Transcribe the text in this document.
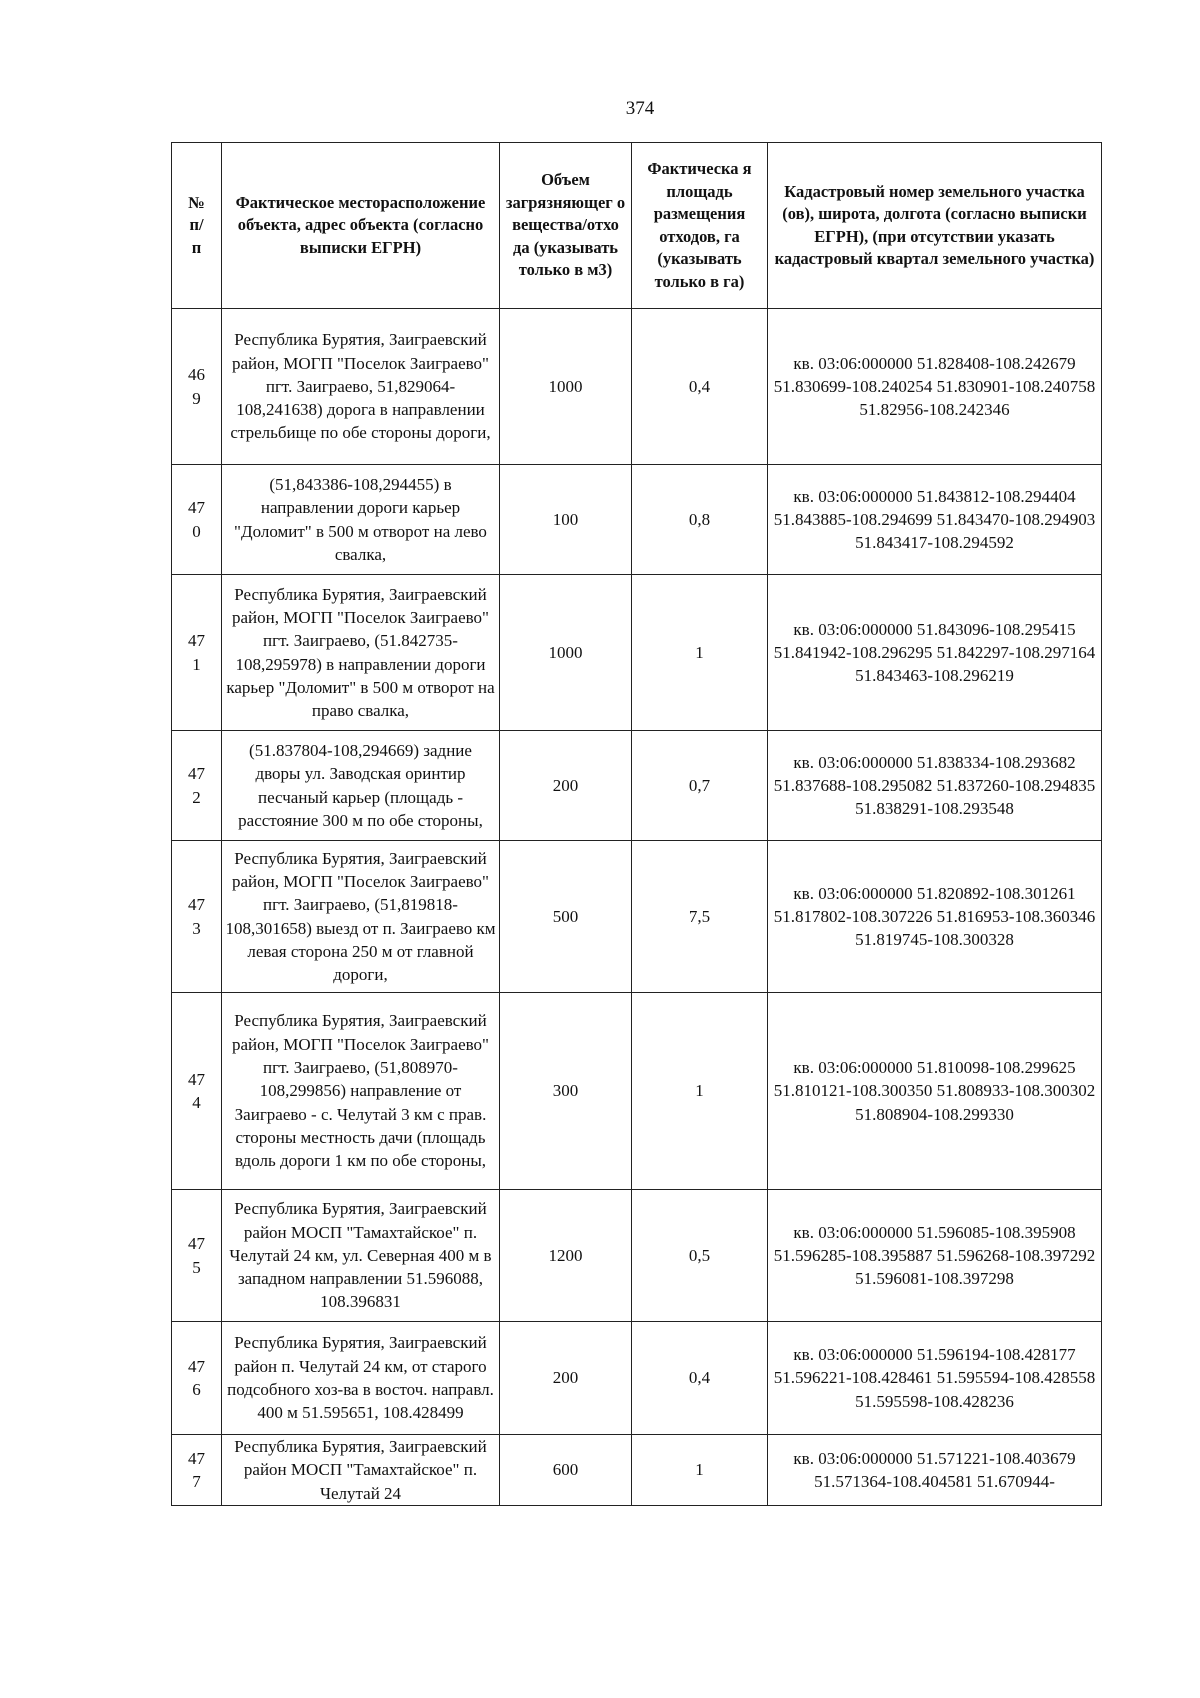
374
№
п/
п	Фактическое месторасположение объекта, адрес объекта (согласно выписки ЕГРН)	Объем загрязняющег о вещества/отхо да (указывать только в м3)	Фактическа я площадь размещения отходов, га (указывать только в га)	Кадастровый номер земельного участка (ов), широта, долгота (согласно выписки ЕГРН), (при отсутствии указать кадастровый квартал земельного участка)

46
9	Республика Бурятия, Заиграевский район, МОГП "Поселок Заиграево" пгт. Заиграево, 51,829064-108,241638) дорога в направлении стрельбище по обе стороны дороги,	1000	0,4	кв. 03:06:000000 51.828408-108.242679 51.830699-108.240254 51.830901-108.240758 51.82956-108.242346

47
0	(51,843386-108,294455) в направлении дороги карьер "Доломит" в 500 м отворот на лево свалка,	100	0,8	кв. 03:06:000000 51.843812-108.294404 51.843885-108.294699 51.843470-108.294903 51.843417-108.294592

47
1	Республика Бурятия, Заиграевский район, МОГП "Поселок Заиграево" пгт. Заиграево, (51.842735-108,295978) в направлении дороги карьер "Доломит" в 500 м отворот на право свалка,	1000	1	кв. 03:06:000000 51.843096-108.295415 51.841942-108.296295 51.842297-108.297164 51.843463-108.296219

47
2	(51.837804-108,294669) задние дворы ул. Заводская оринтир песчаный карьер (площадь - расстояние 300 м по обе стороны,	200	0,7	кв. 03:06:000000 51.838334-108.293682 51.837688-108.295082 51.837260-108.294835 51.838291-108.293548

47
3	Республика Бурятия, Заиграевский район, МОГП "Поселок Заиграево" пгт. Заиграево, (51,819818-108,301658) выезд от п. Заиграево км левая сторона 250 м от главной дороги,	500	7,5	кв. 03:06:000000 51.820892-108.301261 51.817802-108.307226 51.816953-108.360346 51.819745-108.300328

47
4	Республика Бурятия, Заиграевский район, МОГП "Поселок Заиграево" пгт. Заиграево, (51,808970-108,299856) направление от Заиграево - с. Челутай 3 км с прав. стороны местность дачи (площадь вдоль дороги 1 км по обе стороны,	300	1	кв. 03:06:000000 51.810098-108.299625 51.810121-108.300350 51.808933-108.300302 51.808904-108.299330

47
5	Республика Бурятия, Заиграевский район МОСП "Тамахтайское" п. Челутай 24 км, ул. Северная 400 м в западном направлении 51.596088, 108.396831	1200	0,5	кв. 03:06:000000 51.596085-108.395908 51.596285-108.395887 51.596268-108.397292 51.596081-108.397298

47
6	Республика Бурятия, Заиграевский район п. Челутай 24 км, от старого подсобного хоз-ва в восточ. направл. 400 м 51.595651, 108.428499	200	0,4	кв. 03:06:000000 51.596194-108.428177 51.596221-108.428461 51.595594-108.428558 51.595598-108.428236

47
7	Республика Бурятия, Заиграевский район МОСП "Тамахтайское" п. Челутай 24	600	1	кв. 03:06:000000 51.571221-108.403679 51.571364-108.404581 51.670944-
